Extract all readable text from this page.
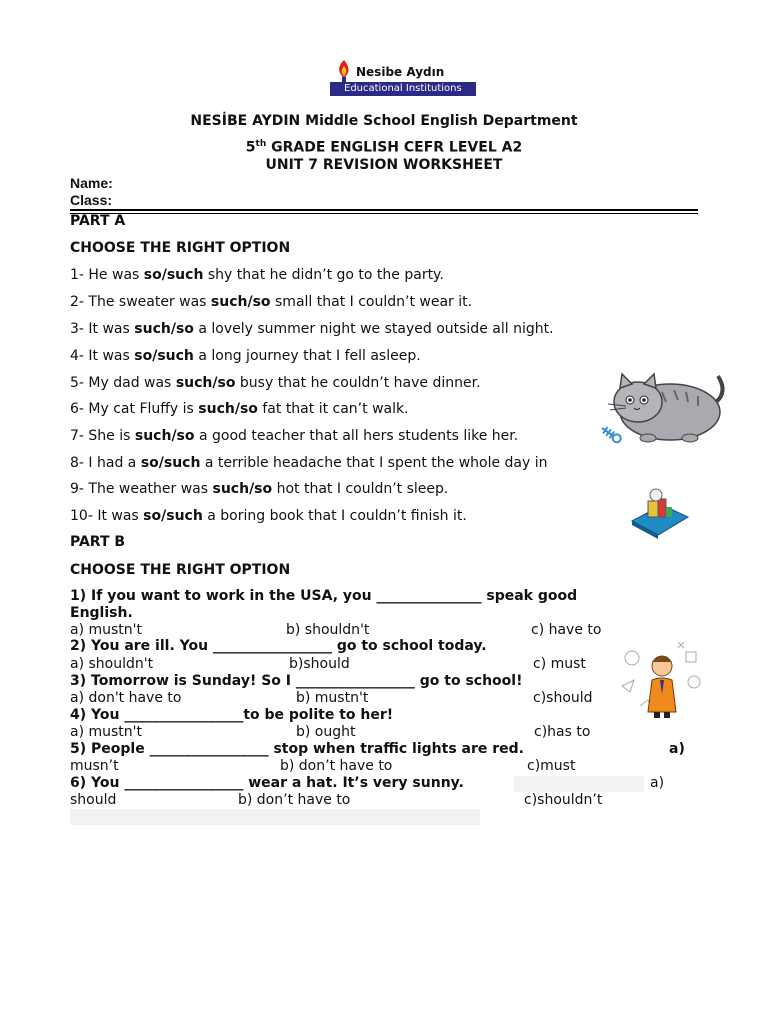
Nesibe Aydın
Educational Institutions
NESİBE AYDIN Middle School English Department
5th GRADE ENGLISH CEFR LEVEL A2
UNIT 7 REVISION WORKSHEET
Name:
Class:
PART A
CHOOSE THE RIGHT OPTION
1- He was so/such shy that he didn’t go to the party.
2- The sweater was such/so small that I couldn’t wear it.
3- It was such/so a lovely summer night we stayed outside all night.
4- It was so/such a long journey that I fell asleep.
5- My dad was such/so busy that he couldn’t have dinner.
6- My cat Fluffy is such/so fat that it can’t walk.
7- She is such/so a good teacher that all hers students like her.
8- I had a so/such a terrible headache that I spent the whole day in
9- The weather was such/so hot that I couldn’t sleep.
10- It was so/such a boring book that I couldn’t finish it.
PART B
CHOOSE THE RIGHT OPTION
1) If you want to work in the USA, you _______________ speak good
English.
a) mustn't	b) shouldn't	c) have to
2) You are ill. You _________________ go to school today.
a) shouldn't	b)should	c) must
3) Tomorrow is Sunday! So I _________________ go to school!
a) don't have to	b) mustn't	c)should
4) You _________________to be polite to her!
a) mustn't	b) ought	c)has to
5) People _________________ stop when traffic lights are red.	a)
musn’t	b) don’t have to	c)must
6) You _________________ wear a hat. It’s very sunny.	a)
should	b) don’t have to	c)shouldn’t
